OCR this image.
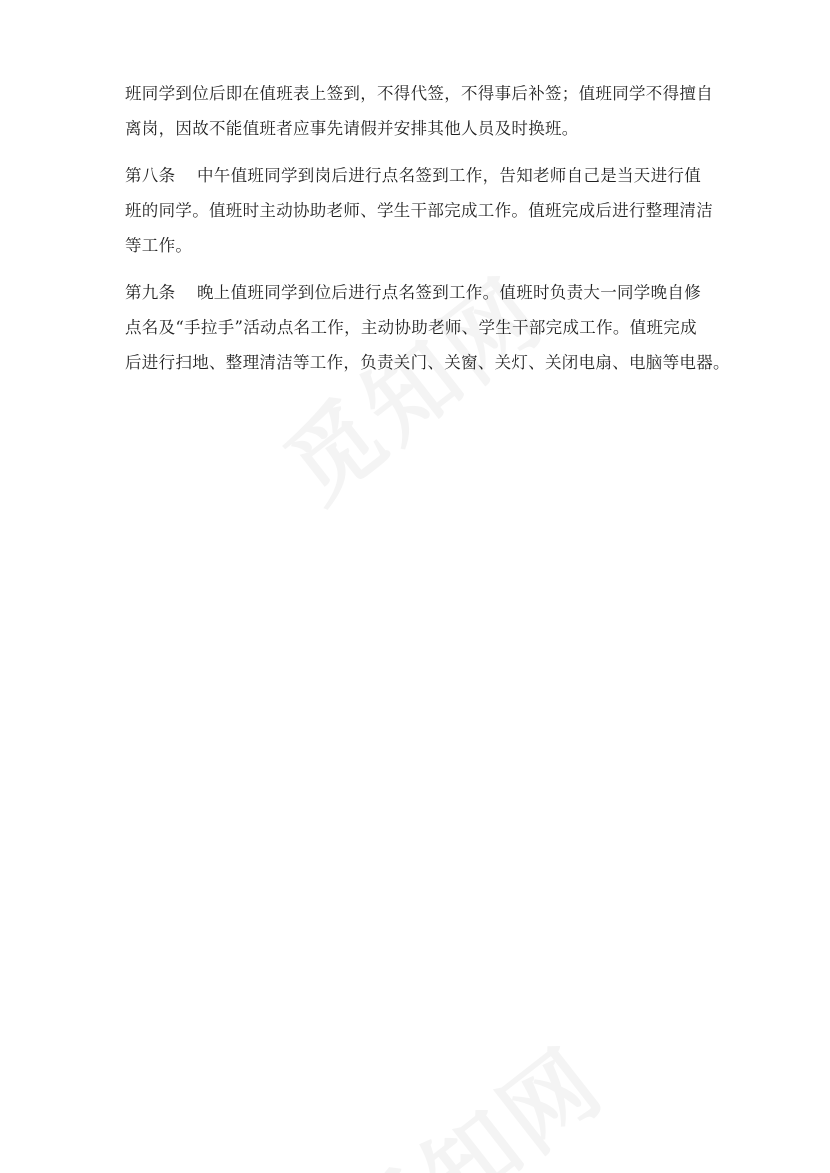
班同学到位后即在值班表上签到，不得代签，不得事后补签；值班同学不得擅自
离岗，因故不能值班者应事先请假并安排其他人员及时换班。

第八条 中午值班同学到岗后进行点名签到工作，告知老师自己是当天进行值
班的同学。值班时主动协助老师、学生干部完成工作。值班完成后进行整理清洁
等工作。

第九条 晚上值班同学到位后进行点名签到工作。值班时负责大一同学晚自修
点名及“手拉手”活动点名工作，主动协助老师、学生干部完成工作。值班完成
后进行扫地、整理清洁等工作，负责关门、关窗、关灯、关闭电扇、电脑等电器。
